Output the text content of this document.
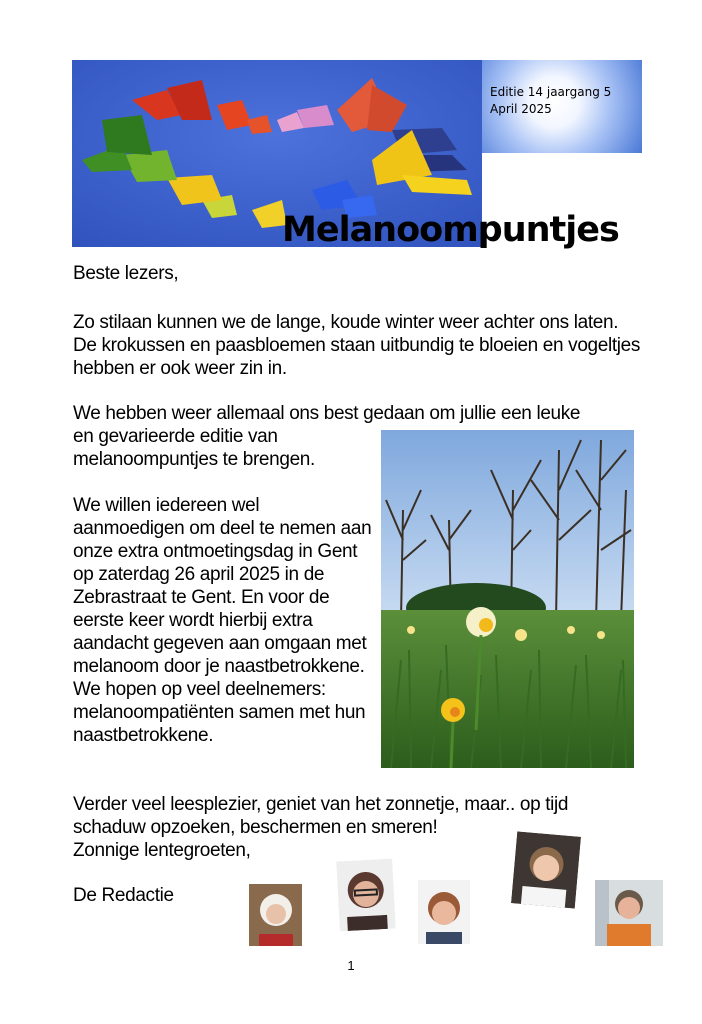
Editie 14 jaargang 5
April 2025
Melanoompuntjes

Beste lezers,

Zo stilaan kunnen we de lange, koude winter weer achter ons laten. De krokussen en paasbloemen staan uitbundig te bloeien en vogeltjes hebben er ook weer zin in.

We hebben weer allemaal ons best gedaan om jullie een leuke

en gevarieerde editie van melanoompuntjes te brengen.

We willen iedereen wel aanmoedigen om deel te nemen aan onze extra ontmoetingsdag in Gent op zaterdag 26 april 2025 in de Zebrastraat te Gent. En voor de eerste keer wordt hierbij extra aandacht gegeven aan omgaan met melanoom door je naastbetrokkene. We hopen op veel deelnemers: melanoompatiënten samen met hun naastbetrokkene.

Verder veel leesplezier, geniet van het zonnetje, maar.. op tijd

schaduw opzoeken, beschermen en smeren!

Zonnige lentegroeten,

De Redactie

1
